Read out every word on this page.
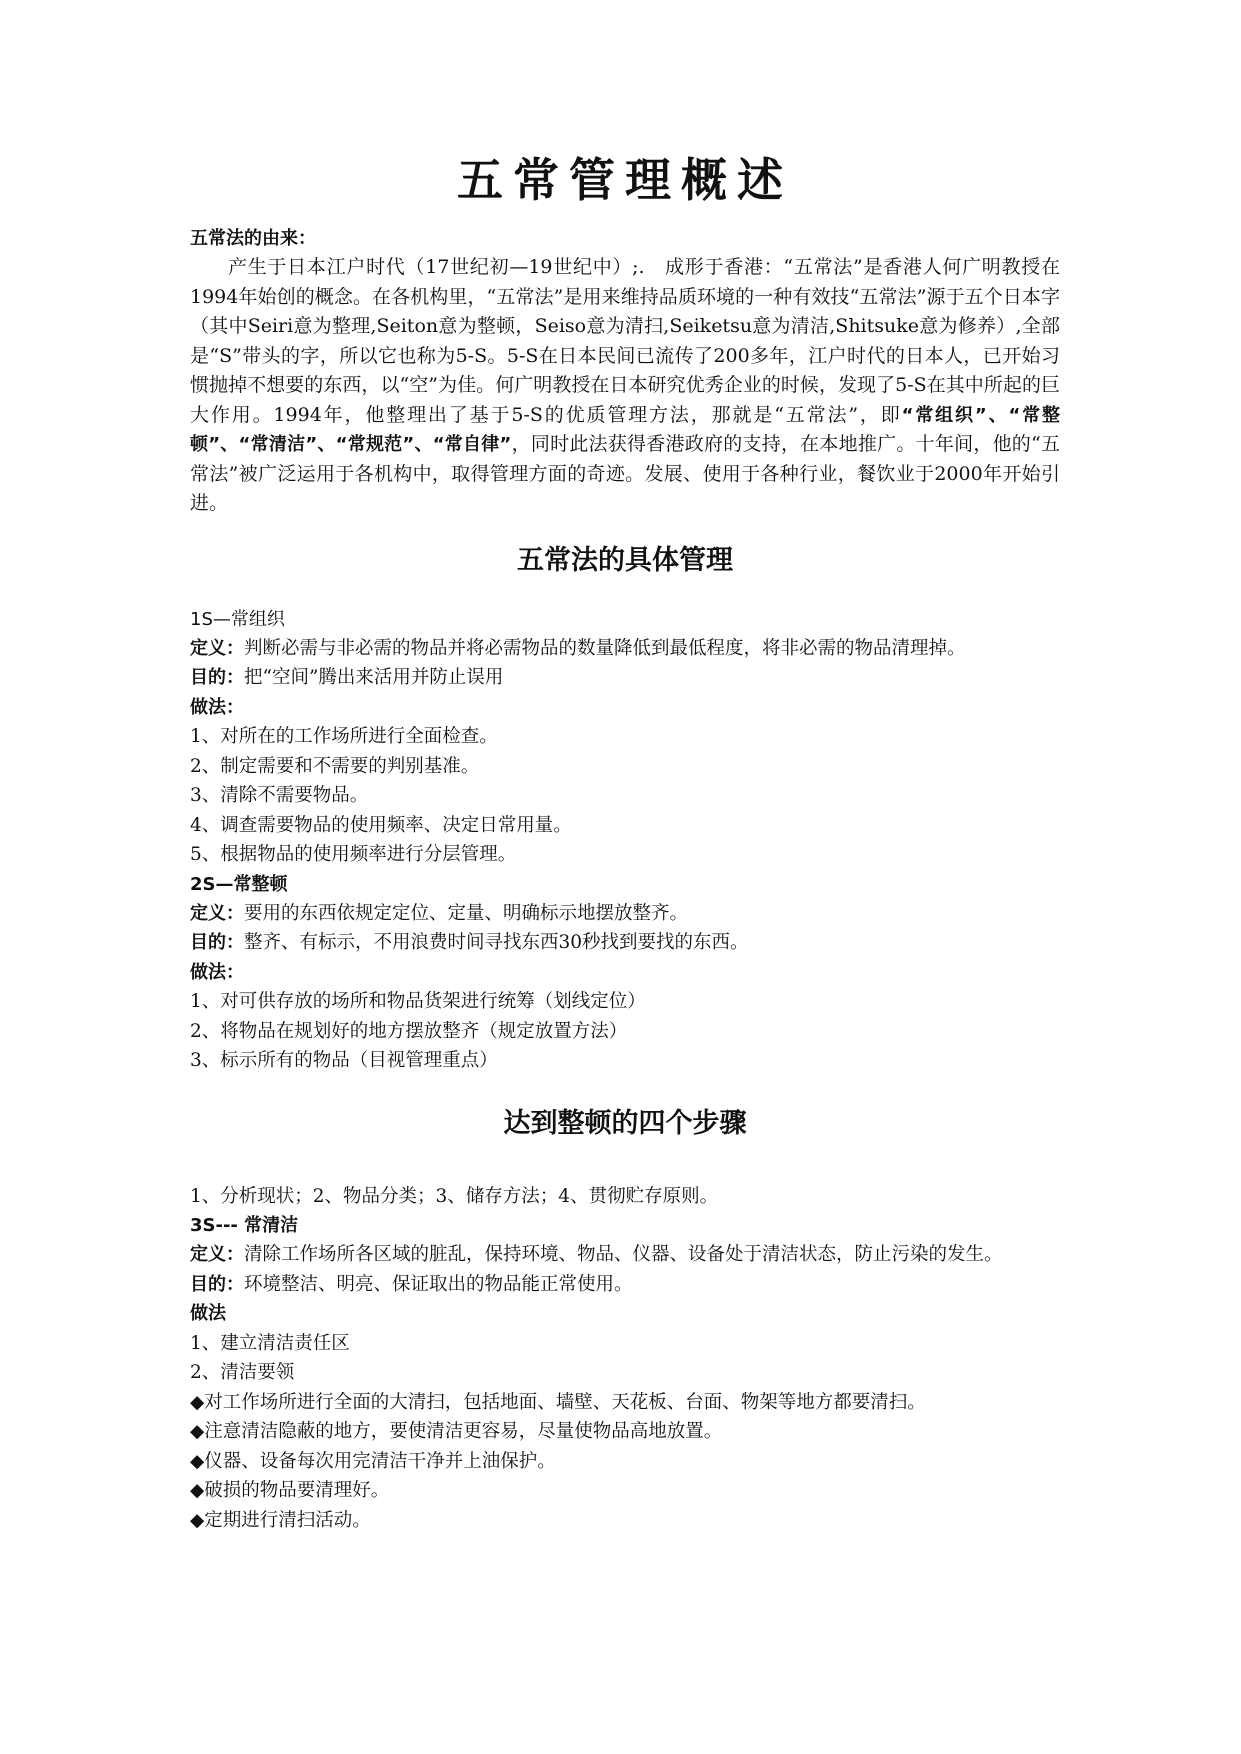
五常管理概述
五常法的由来：

产生于日本江户时代（17世纪初—19世纪中）;.　成形于香港：“五常法”是香港人何广明教授在1994年始创的概念。在各机构里，“五常法”是用来维持品质环境的一种有效技“五常法”源于五个日本字（其中Seiri意为整理,Seiton意为整顿，Seiso意为清扫,Seiketsu意为清洁,Shitsuke意为修养）,全部是“S”带头的字，所以它也称为5-S。5-S在日本民间已流传了200多年，江户时代的日本人，已开始习惯抛掉不想要的东西，以“空”为佳。何广明教授在日本研究优秀企业的时候，发现了5-S在其中所起的巨大作用。1994年，他整理出了基于5-S的优质管理方法，那就是“五常法”，即“常组织”、“常整顿”、“常清洁”、“常规范”、“常自律”，同时此法获得香港政府的支持，在本地推广。十年间，他的“五常法”被广泛运用于各机构中，取得管理方面的奇迹。发展、使用于各种行业，餐饮业于2000年开始引进。

五常法的具体管理
1S—常组织

定义：判断必需与非必需的物品并将必需物品的数量降低到最低程度，将非必需的物品清理掉。

目的：把“空间”腾出来活用并防止误用

做法：

1、对所在的工作场所进行全面检查。

2、制定需要和不需要的判别基准。

3、清除不需要物品。

4、调查需要物品的使用频率、决定日常用量。

5、根据物品的使用频率进行分层管理。

2S—常整顿

定义：要用的东西依规定定位、定量、明确标示地摆放整齐。

目的：整齐、有标示，不用浪费时间寻找东西30秒找到要找的东西。

做法：

1、对可供存放的场所和物品货架进行统筹（划线定位）

2、将物品在规划好的地方摆放整齐（规定放置方法）

3、标示所有的物品（目视管理重点）

达到整顿的四个步骤

1、分析现状；2、物品分类；3、储存方法；4、贯彻贮存原则。

3S--- 常清洁

定义：清除工作场所各区域的脏乱，保持环境、物品、仪器、设备处于清洁状态，防止污染的发生。

目的：环境整洁、明亮、保证取出的物品能正常使用。

做法

1、建立清洁责任区

2、清洁要领

◆对工作场所进行全面的大清扫，包括地面、墙壁、天花板、台面、物架等地方都要清扫。

◆注意清洁隐蔽的地方，要使清洁更容易，尽量使物品高地放置。

◆仪器、设备每次用完清洁干净并上油保护。

◆破损的物品要清理好。

◆定期进行清扫活动。
